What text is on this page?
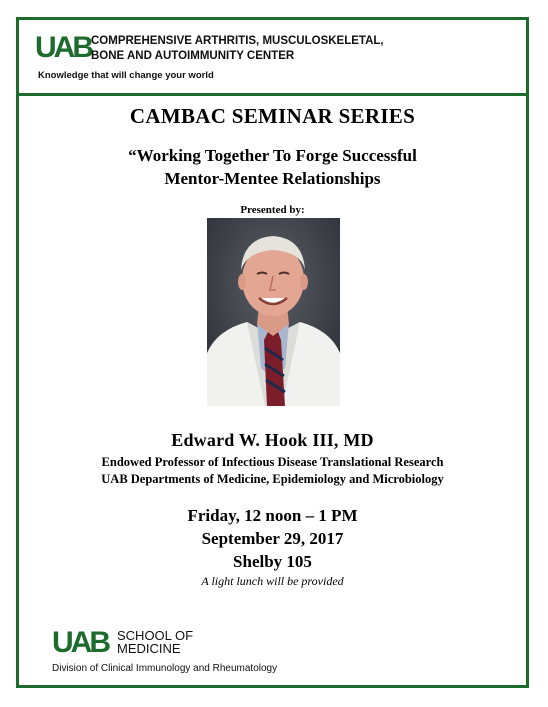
UAB COMPREHENSIVE ARTHRITIS, MUSCULOSKELETAL,
BONE AND AUTOIMMUNITY CENTER
Knowledge that will change your world
CAMBAC SEMINAR SERIES
“Working Together To Forge Successful
Mentor-Mentee Relationships
Presented by:
Edward W. Hook III, MD
Endowed Professor of Infectious Disease Translational Research
UAB Departments of Medicine, Epidemiology and Microbiology
Friday, 12 noon – 1 PM
September 29, 2017
Shelby 105
A light lunch will be provided
UAB SCHOOL OF
MEDICINE
Division of Clinical Immunology and Rheumatology
